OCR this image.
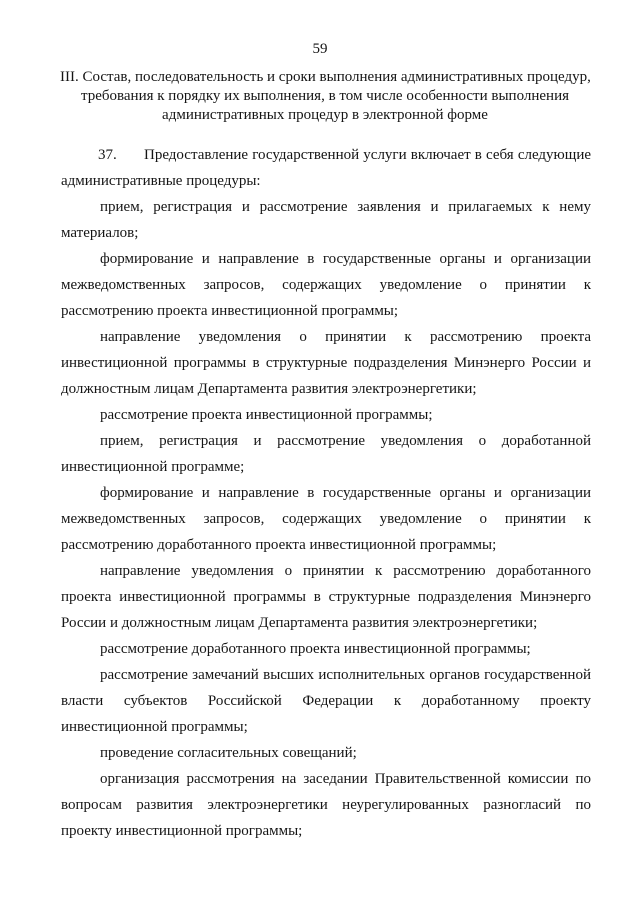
59
III. Состав, последовательность и сроки выполнения административных процедур,
требования к порядку их выполнения, в том числе особенности выполнения
административных процедур в электронной форме

37. Предоставление государственной услуги включает в себя следующие административные процедуры:

прием, регистрация и рассмотрение заявления и прилагаемых к нему материалов;

формирование и направление в государственные органы и организации межведомственных запросов, содержащих уведомление о принятии к рассмотрению проекта инвестиционной программы;

направление уведомления о принятии к рассмотрению проекта инвестиционной программы в структурные подразделения Минэнерго России и должностным лицам Департамента развития электроэнергетики;

рассмотрение проекта инвестиционной программы;

прием, регистрация и рассмотрение уведомления о доработанной инвестиционной программе;

формирование и направление в государственные органы и организации межведомственных запросов, содержащих уведомление о принятии к рассмотрению доработанного проекта инвестиционной программы;

направление уведомления о принятии к рассмотрению доработанного проекта инвестиционной программы в структурные подразделения Минэнерго России и должностным лицам Департамента развития электроэнергетики;

рассмотрение доработанного проекта инвестиционной программы;

рассмотрение замечаний высших исполнительных органов государственной власти субъектов Российской Федерации к доработанному проекту инвестиционной программы;

проведение согласительных совещаний;

организация рассмотрения на заседании Правительственной комиссии по вопросам развития электроэнергетики неурегулированных разногласий по проекту инвестиционной программы;
